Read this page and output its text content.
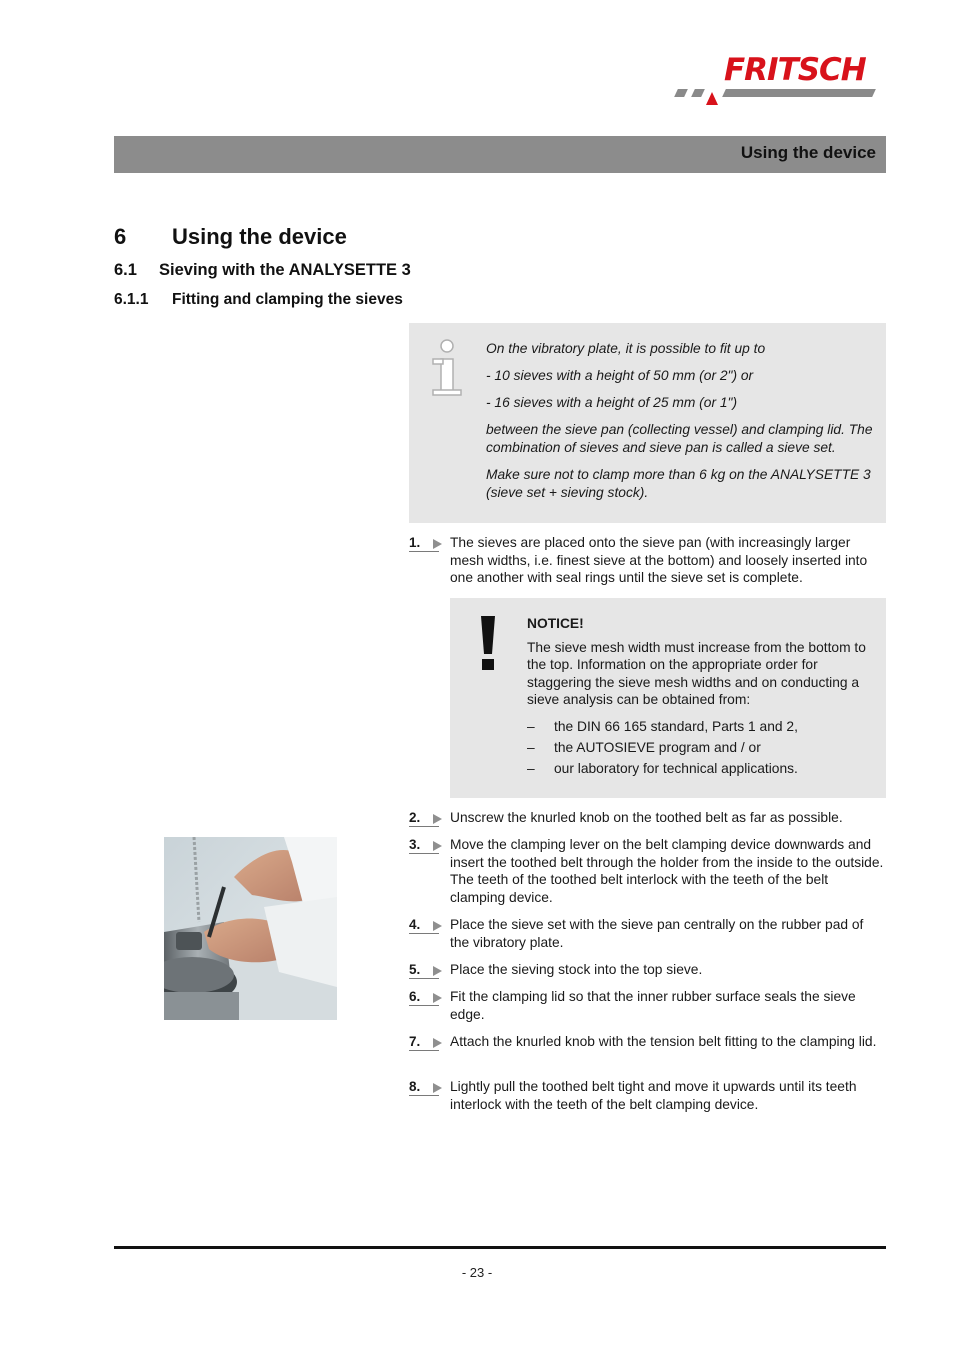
FRITSCH
Using the device
6 Using the device
6.1 Sieving with the ANALYSETTE 3
6.1.1 Fitting and clamping the sieves

On the vibratory plate, it is possible to fit up to

- 10 sieves with a height of 50 mm (or 2") or

- 16 sieves with a height of 25 mm (or 1")

between the sieve pan (collecting vessel) and clamping lid. The combination of sieves and sieve pan is called a sieve set.

Make sure not to clamp more than 6 kg on the ANALYSETTE 3 (sieve set + sieving stock).

1.	The sieves are placed onto the sieve pan (with increasingly larger mesh widths, i.e. finest sieve at the bottom) and loosely inserted into one another with seal rings until the sieve set is complete.
NOTICE!
The sieve mesh width must increase from the bottom to the top. Information on the appropriate order for staggering the sieve mesh widths and on conducting a sieve analysis can be obtained from:
– the DIN 66 165 standard, Parts 1 and 2,
– the AUTOSIEVE program and / or
– our laboratory for technical applications.
2.	Unscrew the knurled knob on the toothed belt as far as possible.
3.	Move the clamping lever on the belt clamping device downwards and insert the toothed belt through the holder from the inside to the outside. The teeth of the toothed belt interlock with the teeth of the belt clamping device.
4.	Place the sieve set with the sieve pan centrally on the rubber pad of the vibratory plate.
5.	Place the sieving stock into the top sieve.
6.	Fit the clamping lid so that the inner rubber surface seals the sieve edge.
7.	Attach the knurled knob with the tension belt fitting to the clamping lid.
8.	Lightly pull the toothed belt tight and move it upwards until its teeth interlock with the teeth of the belt clamping device.
- 23 -
